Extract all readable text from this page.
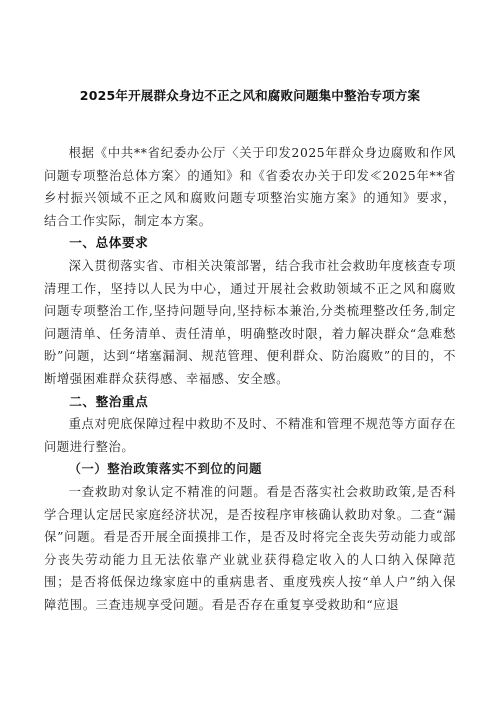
2025年开展群众身边不正之风和腐败问题集中整治专项方案

根据《中共**省纪委办公厅〈关于印发2025年群众身边腐败和作风问题专项整治总体方案〉的通知》和《省委农办关于印发≪2025年**省乡村振兴领域不正之风和腐败问题专项整治实施方案》的通知》要求，结合工作实际，制定本方案。

一、总体要求

深入贯彻落实省、市相关决策部署，结合我市社会救助年度核查专项清理工作，坚持以人民为中心，通过开展社会救助领域不正之风和腐败问题专项整治工作,坚持问题导向,坚持标本兼治,分类梳理整改任务,制定问题清单、任务清单、责任清单，明确整改时限，着力解决群众“急难愁盼”问题，达到“堵塞漏洞、规范管理、便利群众、防治腐败”的目的，不断增强困难群众获得感、幸福感、安全感。

二、整治重点

重点对兜底保障过程中救助不及时、不精准和管理不规范等方面存在问题进行整治。

（一）整治政策落实不到位的问题

一查救助对象认定不精准的问题。看是否落实社会救助政策,是否科学合理认定居民家庭经济状况，是否按程序审核确认救助对象。二查“漏保”问题。看是否开展全面摸排工作，是否及时将完全丧失劳动能力或部分丧失劳动能力且无法依靠产业就业获得稳定收入的人口纳入保障范围；是否将低保边缘家庭中的重病患者、重度残疾人按“单人户”纳入保障范围。三查违规享受问题。看是否存在重复享受救助和“应退
